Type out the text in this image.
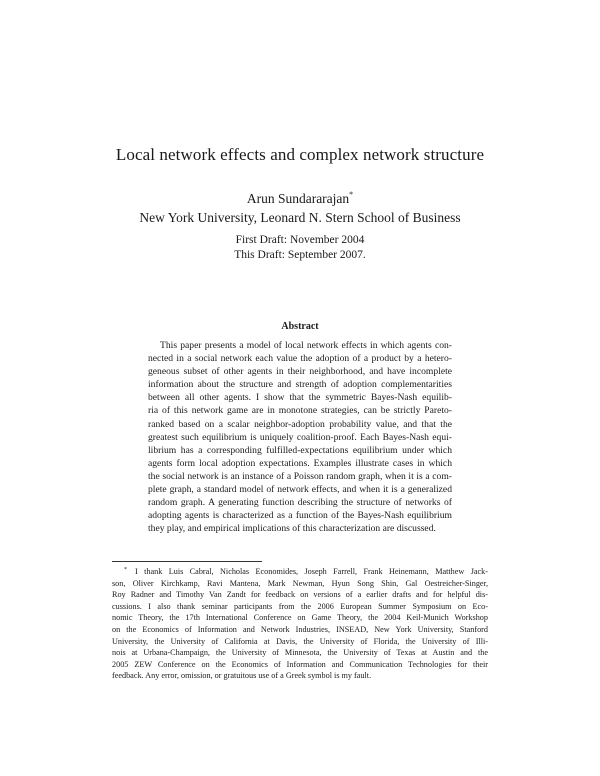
Local network effects and complex network structure
Arun Sundararajan*
New York University, Leonard N. Stern School of Business
First Draft: November 2004
This Draft: September 2007.
Abstract
This paper presents a model of local network effects in which agents con-
nected in a social network each value the adoption of a product by a hetero-
geneous subset of other agents in their neighborhood, and have incomplete
information about the structure and strength of adoption complementarities
between all other agents. I show that the symmetric Bayes-Nash equilib-
ria of this network game are in monotone strategies, can be strictly Pareto-
ranked based on a scalar neighbor-adoption probability value, and that the
greatest such equilibrium is uniquely coalition-proof. Each Bayes-Nash equi-
librium has a corresponding fulfilled-expectations equilibrium under which
agents form local adoption expectations. Examples illustrate cases in which
the social network is an instance of a Poisson random graph, when it is a com-
plete graph, a standard model of network effects, and when it is a generalized
random graph. A generating function describing the structure of networks of
adopting agents is characterized as a function of the Bayes-Nash equilibrium
they play, and empirical implications of this characterization are discussed.
* I thank Luis Cabral, Nicholas Economides, Joseph Farrell, Frank Heinemann, Matthew Jack-
son, Oliver Kirchkamp, Ravi Mantena, Mark Newman, Hyun Song Shin, Gal Oestreicher-Singer,
Roy Radner and Timothy Van Zandt for feedback on versions of a earlier drafts and for helpful dis-
cussions. I also thank seminar participants from the 2006 European Summer Symposium on Eco-
nomic Theory, the 17th International Conference on Game Theory, the 2004 Keil-Munich Workshop
on the Economics of Information and Network Industries, INSEAD, New York University, Stanford
University, the University of California at Davis, the University of Florida, the University of Illi-
nois at Urbana-Champaign, the University of Minnesota, the University of Texas at Austin and the
2005 ZEW Conference on the Economics of Information and Communication Technologies for their
feedback. Any error, omission, or gratuitous use of a Greek symbol is my fault.
